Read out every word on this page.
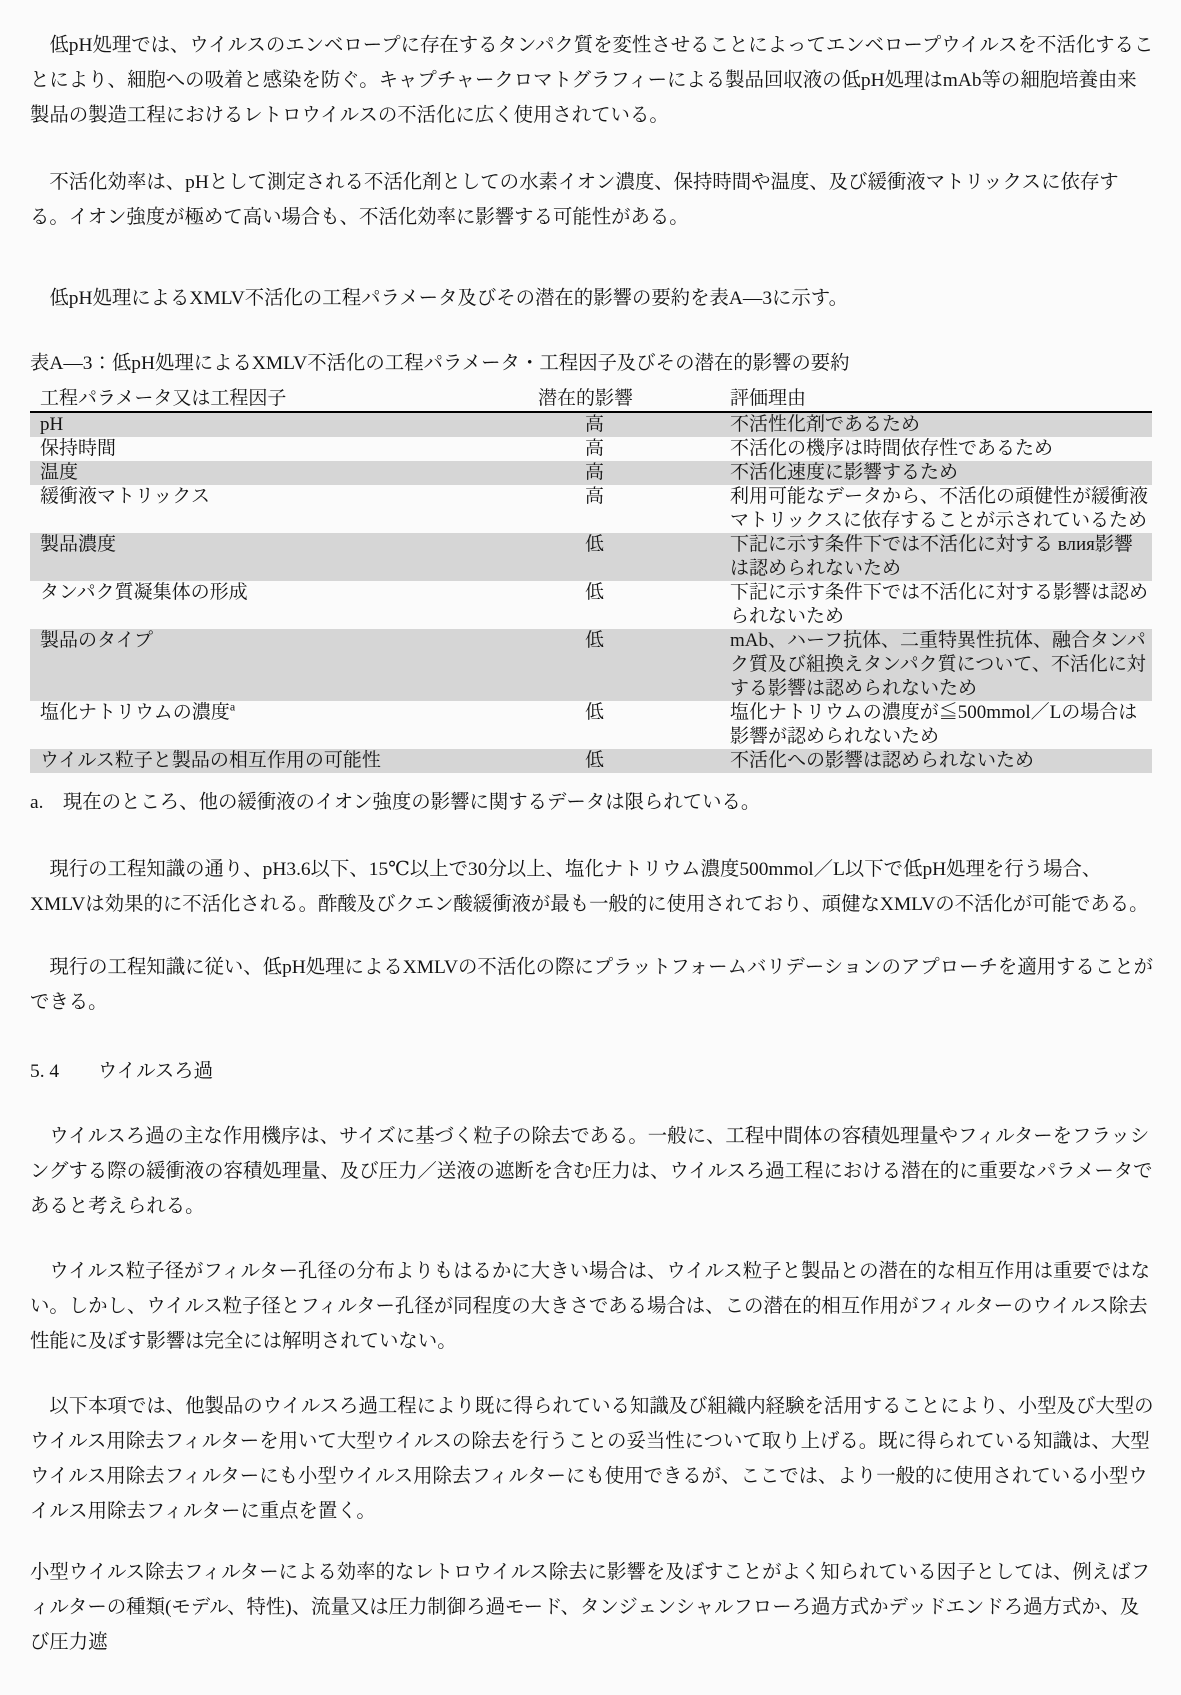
低pH処理では、ウイルスのエンベロープに存在するタンパク質を変性させることによってエンベロープウイルスを不活化することにより、細胞への吸着と感染を防ぐ。キャプチャークロマトグラフィーによる製品回収液の低pH処理はmAb等の細胞培養由来製品の製造工程におけるレトロウイルスの不活化に広く使用されている。

不活化効率は、pHとして測定される不活化剤としての水素イオン濃度、保持時間や温度、及び緩衝液マトリックスに依存する。イオン強度が極めて高い場合も、不活化効率に影響する可能性がある。

低pH処理によるXMLV不活化の工程パラメータ及びその潜在的影響の要約を表A―3に示す。

表A―3：低pH処理によるXMLV不活化の工程パラメータ・工程因子及びその潜在的影響の要約

工程パラメータ又は工程因子	潜在的影響	評価理由
pH	高	不活性化剤であるため
保持時間	高	不活化の機序は時間依存性であるため
温度	高	不活化速度に影響するため
緩衝液マトリックス	高	利用可能なデータから、不活化の頑健性が緩衝液マトリックスに依存することが示されているため
製品濃度	低	下記に示す条件下では不活化に対する влия影響は認められないため
タンパク質凝集体の形成	低	下記に示す条件下では不活化に対する影響は認められないため
製品のタイプ	低	mAb、ハーフ抗体、二重特異性抗体、融合タンパク質及び組換えタンパク質について、不活化に対する影響は認められないため
塩化ナトリウムの濃度$^a$	低	塩化ナトリウムの濃度が≦500mmol／Lの場合は影響が認められないため
ウイルス粒子と製品の相互作用の可能性	低	不活化への影響は認められないため

a.　現在のところ、他の緩衝液のイオン強度の影響に関するデータは限られている。

現行の工程知識の通り、pH3.6以下、15℃以上で30分以上、塩化ナトリウム濃度500mmol／L以下で低pH処理を行う場合、XMLVは効果的に不活化される。酢酸及びクエン酸緩衝液が最も一般的に使用されており、頑健なXMLVの不活化が可能である。

現行の工程知識に従い、低pH処理によるXMLVの不活化の際にプラットフォームバリデーションのアプローチを適用することができる。

5. 4　　ウイルスろ過

ウイルスろ過の主な作用機序は、サイズに基づく粒子の除去である。一般に、工程中間体の容積処理量やフィルターをフラッシングする際の緩衝液の容積処理量、及び圧力／送液の遮断を含む圧力は、ウイルスろ過工程における潜在的に重要なパラメータであると考えられる。

ウイルス粒子径がフィルター孔径の分布よりもはるかに大きい場合は、ウイルス粒子と製品との潜在的な相互作用は重要ではない。しかし、ウイルス粒子径とフィルター孔径が同程度の大きさである場合は、この潜在的相互作用がフィルターのウイルス除去性能に及ぼす影響は完全には解明されていない。

以下本項では、他製品のウイルスろ過工程により既に得られている知識及び組織内経験を活用することにより、小型及び大型のウイルス用除去フィルターを用いて大型ウイルスの除去を行うことの妥当性について取り上げる。既に得られている知識は、大型ウイルス用除去フィルターにも小型ウイルス用除去フィルターにも使用できるが、ここでは、より一般的に使用されている小型ウイルス用除去フィルターに重点を置く。

小型ウイルス除去フィルターによる効率的なレトロウイルス除去に影響を及ぼすことがよく知られている因子としては、例えばフィルターの種類(モデル、特性)、流量又は圧力制御ろ過モード、タンジェンシャルフローろ過方式かデッドエンドろ過方式か、及び圧力遮
